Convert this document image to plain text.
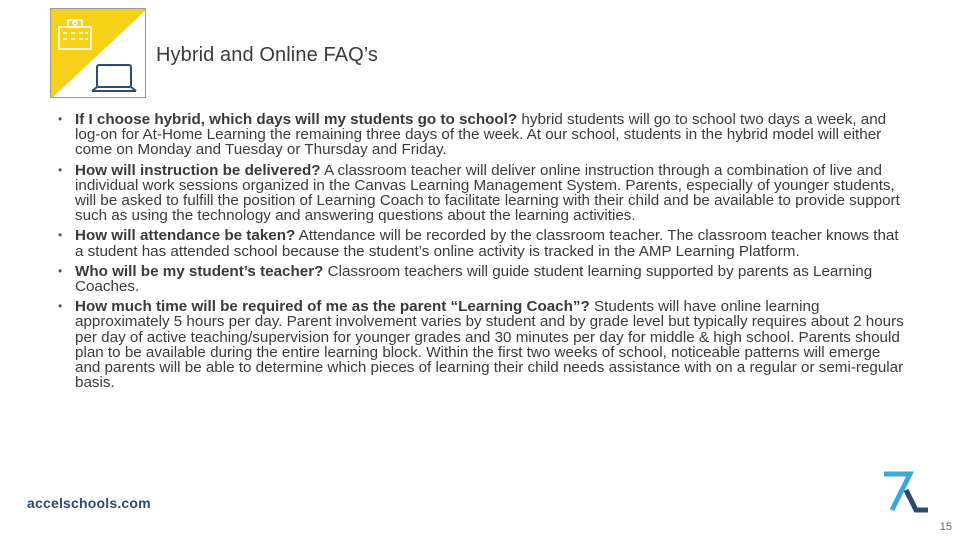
Hybrid and Online FAQ’s
• If I choose hybrid, which days will my students go to school? hybrid students will go to school two days a week, and log-on for At-Home Learning the remaining three days of the week. At our school, students in the hybrid model will either come on Monday and Tuesday or Thursday and Friday.
• How will instruction be delivered? A classroom teacher will deliver online instruction through a combination of live and individual work sessions organized in the Canvas Learning Management System. Parents, especially of younger students, will be asked to fulfill the position of Learning Coach to facilitate learning with their child and be available to provide support such as using the technology and answering questions about the learning activities.
• How will attendance be taken? Attendance will be recorded by the classroom teacher. The classroom teacher knows that a student has attended school because the student’s online activity is tracked in the AMP Learning Platform.
• Who will be my student’s teacher? Classroom teachers will guide student learning supported by parents as Learning Coaches.
• How much time will be required of me as the parent “Learning Coach”? Students will have online learning approximately 5 hours per day. Parent involvement varies by student and by grade level but typically requires about 2 hours per day of active teaching/supervision for younger grades and 30 minutes per day for middle & high school. Parents should plan to be available during the entire learning block. Within the first two weeks of school, noticeable patterns will emerge and parents will be able to determine which pieces of learning their child needs assistance with on a regular or semi-regular basis.
accelschools.com
15
